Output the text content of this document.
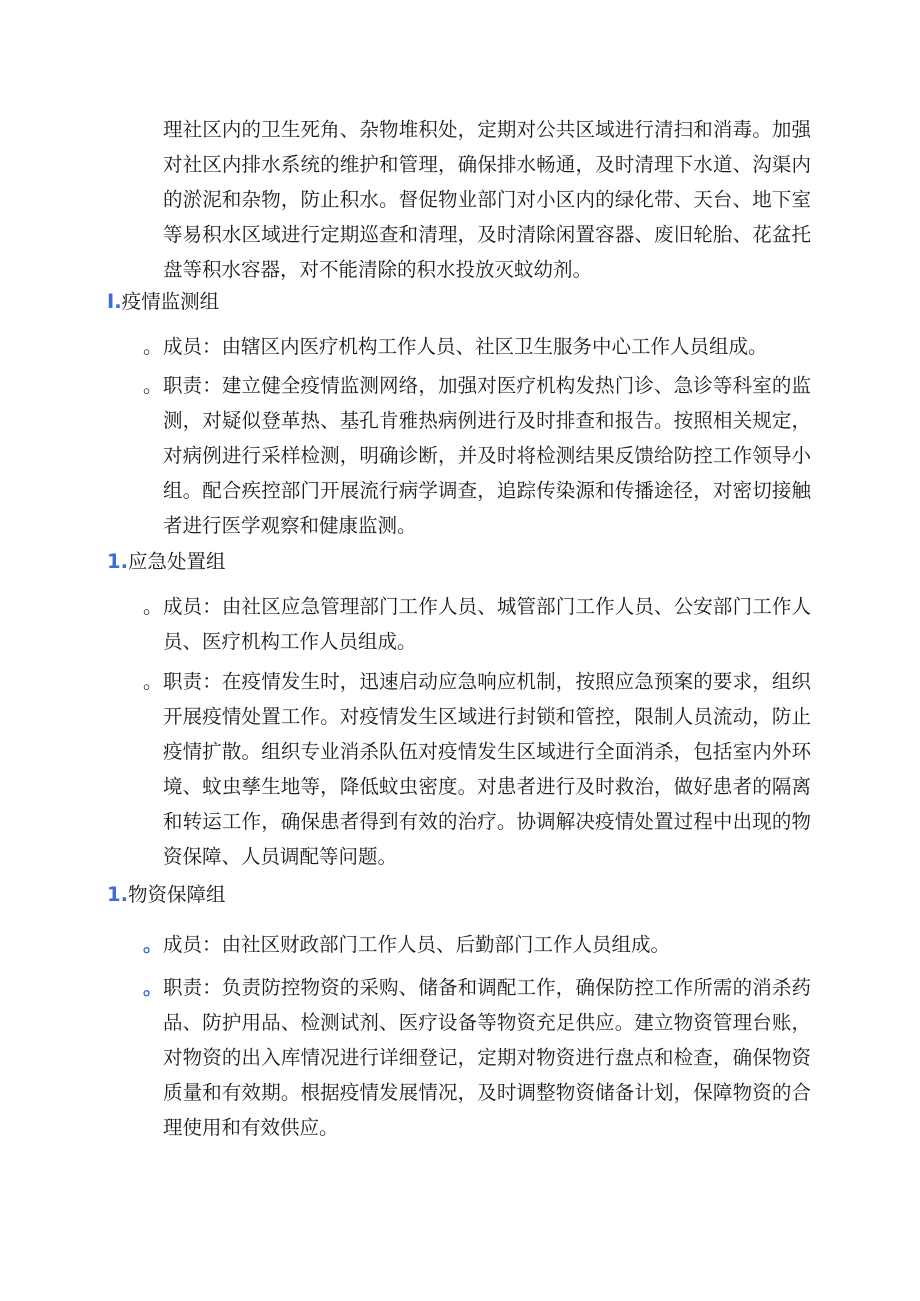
理社区内的卫生死角、杂物堆积处，定期对公共区域进行清扫和消毒。加强对社区内排水系统的维护和管理，确保排水畅通，及时清理下水道、沟渠内的淤泥和杂物，防止积水。督促物业部门对小区内的绿化带、天台、地下室等易积水区域进行定期巡查和清理，及时清除闲置容器、废旧轮胎、花盆托盘等积水容器，对不能清除的积水投放灭蚊幼剂。

I.疫情监测组
。 成员：由辖区内医疗机构工作人员、社区卫生服务中心工作人员组成。
。 职责：建立健全疫情监测网络，加强对医疗机构发热门诊、急诊等科室的监测，对疑似登革热、基孔肯雅热病例进行及时排查和报告。按照相关规定，对病例进行采样检测，明确诊断，并及时将检测结果反馈给防控工作领导小组。配合疾控部门开展流行病学调查，追踪传染源和传播途径，对密切接触者进行医学观察和健康监测。
1.应急处置组
。 成员：由社区应急管理部门工作人员、城管部门工作人员、公安部门工作人员、医疗机构工作人员组成。
。 职责：在疫情发生时，迅速启动应急响应机制，按照应急预案的要求，组织开展疫情处置工作。对疫情发生区域进行封锁和管控，限制人员流动，防止疫情扩散。组织专业消杀队伍对疫情发生区域进行全面消杀，包括室内外环境、蚊虫孳生地等，降低蚊虫密度。对患者进行及时救治，做好患者的隔离和转运工作，确保患者得到有效的治疗。协调解决疫情处置过程中出现的物资保障、人员调配等问题。
1.物资保障组
。 成员：由社区财政部门工作人员、后勤部门工作人员组成。
。 职责：负责防控物资的采购、储备和调配工作，确保防控工作所需的消杀药品、防护用品、检测试剂、医疗设备等物资充足供应。建立物资管理台账，对物资的出入库情况进行详细登记，定期对物资进行盘点和检查，确保物资质量和有效期。根据疫情发展情况，及时调整物资储备计划，保障物资的合理使用和有效供应。
